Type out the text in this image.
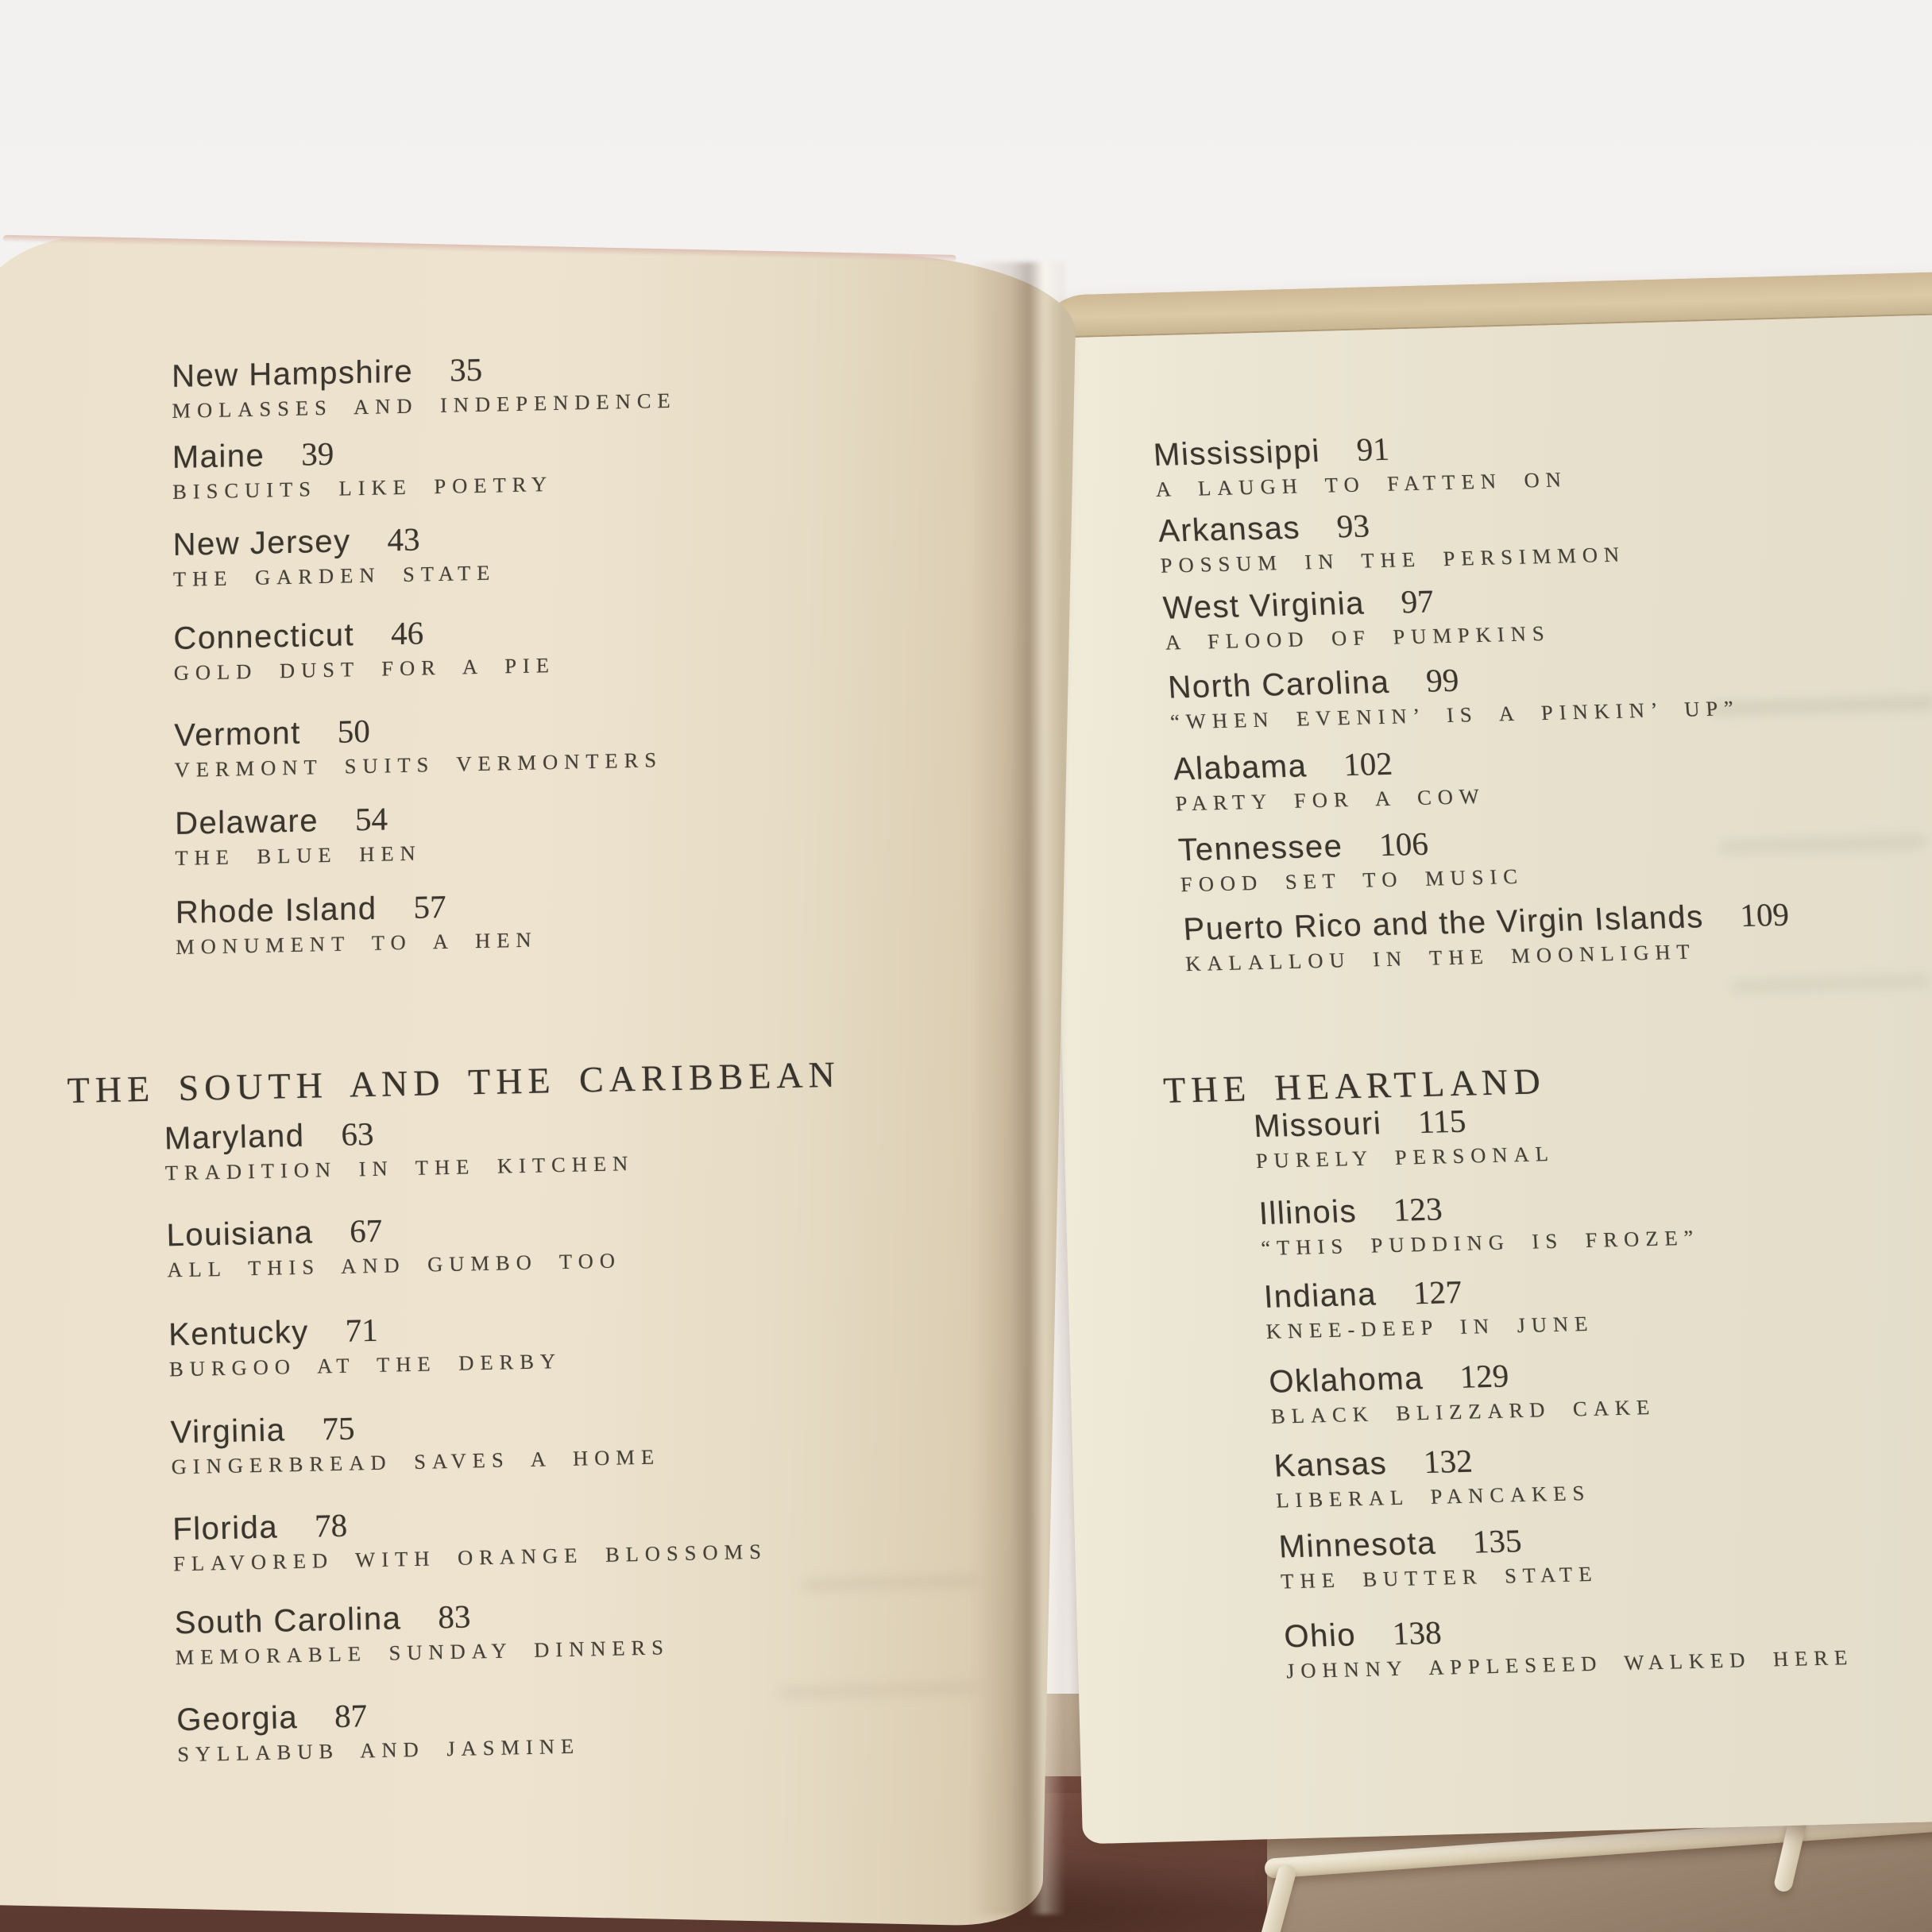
New Hampshire 35
MOLASSES AND INDEPENDENCE
Maine 39
BISCUITS LIKE POETRY
New Jersey 43
THE GARDEN STATE
Connecticut 46
GOLD DUST FOR A PIE
Vermont 50
VERMONT SUITS VERMONTERS
Delaware 54
THE BLUE HEN
Rhode Island 57
MONUMENT TO A HEN
THE SOUTH AND THE CARIBBEAN
Maryland 63
TRADITION IN THE KITCHEN
Louisiana 67
ALL THIS AND GUMBO TOO
Kentucky 71
BURGOO AT THE DERBY
Virginia 75
GINGERBREAD SAVES A HOME
Florida 78
FLAVORED WITH ORANGE BLOSSOMS
South Carolina 83
MEMORABLE SUNDAY DINNERS
Georgia 87
SYLLABUB AND JASMINE
Mississippi 91
A LAUGH TO FATTEN ON
Arkansas 93
POSSUM IN THE PERSIMMON
West Virginia 97
A FLOOD OF PUMPKINS
North Carolina 99
“WHEN EVENIN’ IS A PINKIN’ UP”
Alabama 102
PARTY FOR A COW
Tennessee 106
FOOD SET TO MUSIC
Puerto Rico and the Virgin Islands 109
KALALLOU IN THE MOONLIGHT
THE HEARTLAND
Missouri 115
PURELY PERSONAL
Illinois 123
“THIS PUDDING IS FROZE”
Indiana 127
KNEE-DEEP IN JUNE
Oklahoma 129
BLACK BLIZZARD CAKE
Kansas 132
LIBERAL PANCAKES
Minnesota 135
THE BUTTER STATE
Ohio 138
JOHNNY APPLESEED WALKED HERE
